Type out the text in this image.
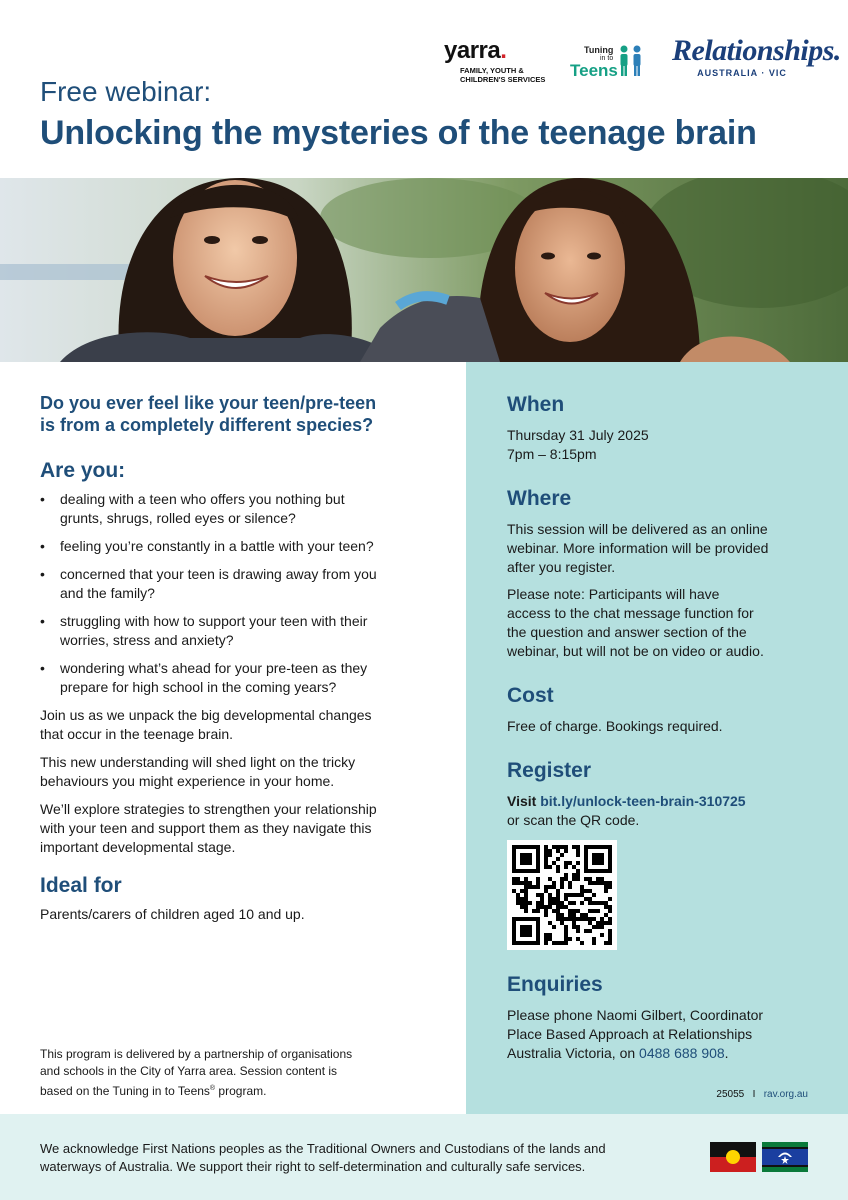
yarra.
FAMILY, YOUTH &
CHILDREN'S SERVICES
Tuning
in to
Teens
Relationships.
AUSTRALIA · VIC
Free webinar:
Unlocking the mysteries of the teenage brain
Do you ever feel like your teen/pre-teen
is from a completely different species?
Are you:
• dealing with a teen who offers you nothing but
grunts, shrugs, rolled eyes or silence?
• feeling you’re constantly in a battle with your teen?
• concerned that your teen is drawing away from you
and the family?
• struggling with how to support your teen with their
worries, stress and anxiety?
• wondering what’s ahead for your pre-teen as they
prepare for high school in the coming years?
Join us as we unpack the big developmental changes
that occur in the teenage brain.
This new understanding will shed light on the tricky
behaviours you might experience in your home.
We’ll explore strategies to strengthen your relationship
with your teen and support them as they navigate this
important developmental stage.
Ideal for
Parents/carers of children aged 10 and up.
This program is delivered by a partnership of organisations
and schools in the City of Yarra area. Session content is
based on the Tuning in to Teens® program.
When
Thursday 31 July 2025
7pm – 8:15pm
Where
This session will be delivered as an online
webinar. More information will be provided
after you register.
Please note: Participants will have
access to the chat message function for
the question and answer section of the
webinar, but will not be on video or audio.
Cost
Free of charge. Bookings required.
Register
Visit bit.ly/unlock-teen-brain-310725
or scan the QR code.
Enquiries
Please phone Naomi Gilbert, Coordinator
Place Based Approach at Relationships
Australia Victoria, on 0488 688 908.
25055 I rav.org.au
We acknowledge First Nations peoples as the Traditional Owners and Custodians of the lands and
waterways of Australia. We support their right to self-determination and culturally safe services.
